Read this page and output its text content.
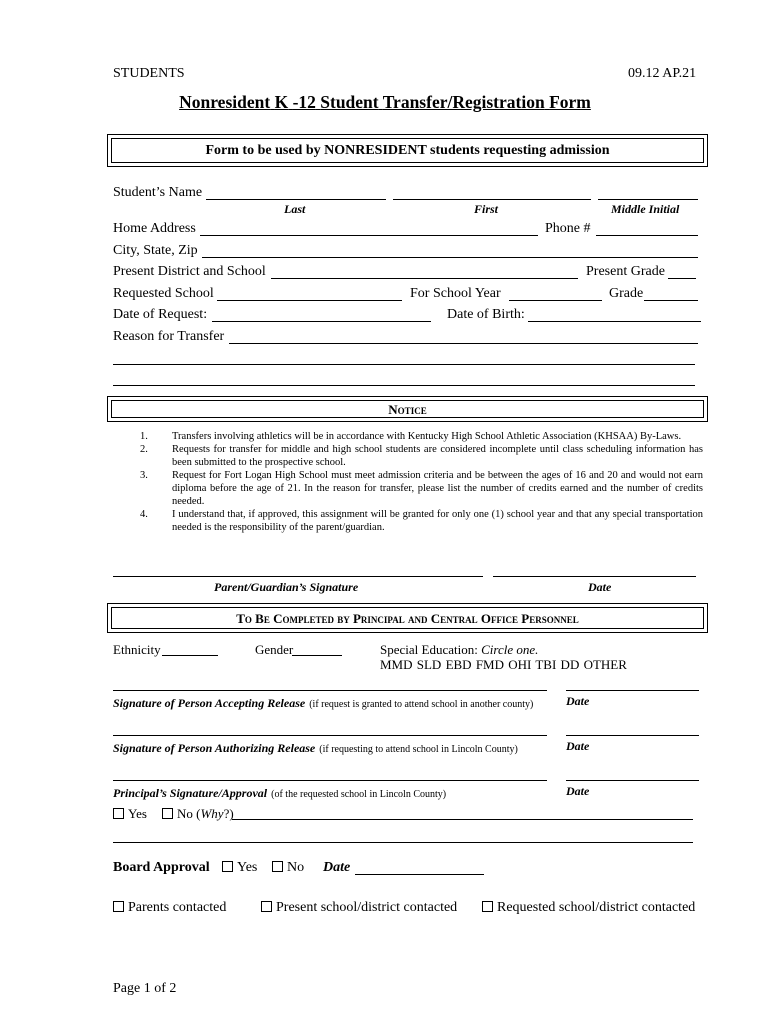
STUDENTS	09.12 AP.21
Nonresident K -12 Student Transfer/Registration Form
Form to be used by NONRESIDENT students requesting admission
Student’s Name
Last	First	Middle Initial
Home Address	Phone #
City, State, Zip
Present District and School	Present Grade
Requested School	For School Year	Grade
Date of Request:	Date of Birth:
Reason for Transfer
Notice
1.	Transfers involving athletics will be in accordance with Kentucky High School Athletic Association (KHSAA) By-Laws.
2.	Requests for transfer for middle and high school students are considered incomplete until class scheduling information has been submitted to the prospective school.
3.	Request for Fort Logan High School must meet admission criteria and be between the ages of 16 and 20 and would not earn diploma before the age of 21. In the reason for transfer, please list the number of credits earned and the number of credits needed.
4.	I understand that, if approved, this assignment will be granted for only one (1) school year and that any special transportation needed is the responsibility of the parent/guardian.
Parent/Guardian’s Signature	Date
To Be Completed by Principal and Central Office Personnel
Ethnicity	Gender	Special Education: Circle one.
MMD SLD EBD FMD OHI TBI DD OTHER
Signature of Person Accepting Release (if request is granted to attend school in another county)	Date
Signature of Person Authorizing Release (if requesting to attend school in Lincoln County)	Date
Principal’s Signature/Approval (of the requested school in Lincoln County)	Date
Yes	No (Why?)
Board Approval	Yes	No Date
Parents contacted	Present school/district contacted	Requested school/district contacted
Page 1 of 2
